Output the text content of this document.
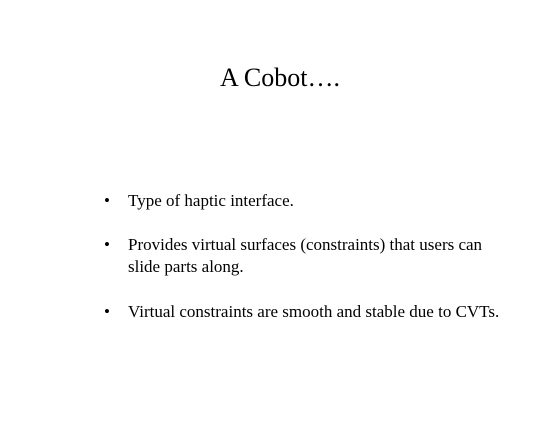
A Cobot….
• Type of haptic interface.
• Provides virtual surfaces (constraints) that users can slide parts along.
• Virtual constraints are smooth and stable due to CVTs.
